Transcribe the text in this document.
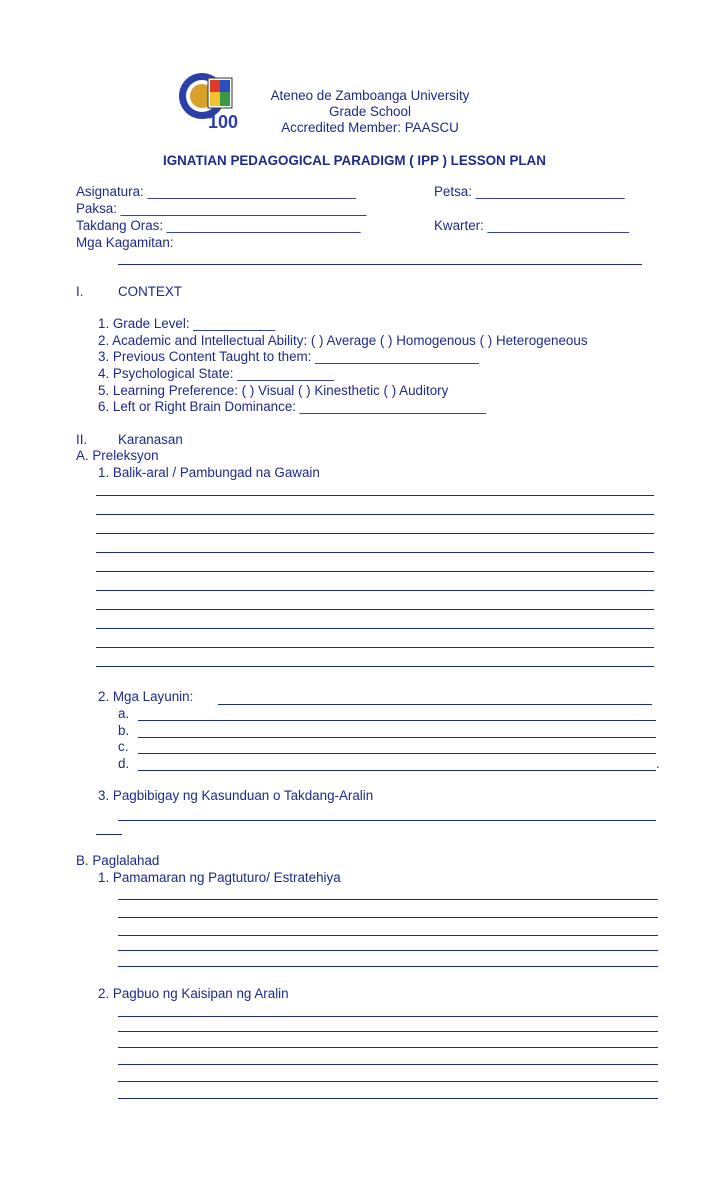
100
Ateneo de Zamboanga University
Grade School
Accredited Member: PAASCU
IGNATIAN PEDAGOGICAL PARADIGM ( IPP ) LESSON PLAN
Asignatura: ____________________________	Petsa: ____________________
Paksa: _________________________________
Takdang Oras: __________________________	Kwarter: ___________________
Mga Kagamitan:
I.	CONTEXT
1. Grade Level: ___________
2. Academic and Intellectual Ability: ( ) Average ( ) Homogenous ( ) Heterogeneous
3. Previous Content Taught to them: ______________________
4. Psychological State: _____________
5. Learning Preference: ( ) Visual ( ) Kinesthetic ( ) Auditory
6. Left or Right Brain Dominance: _________________________
II. Karanasan
A. Preleksyon
1. Balik-aral / Pambungad na Gawain
2. Mga Layunin:
a.
b.
c.
d.	.
3. Pagbibigay ng Kasunduan o Takdang-Aralin
B. Paglalahad
1. Pamamaran ng Pagtuturo/ Estratehiya
2. Pagbuo ng Kaisipan ng Aralin
